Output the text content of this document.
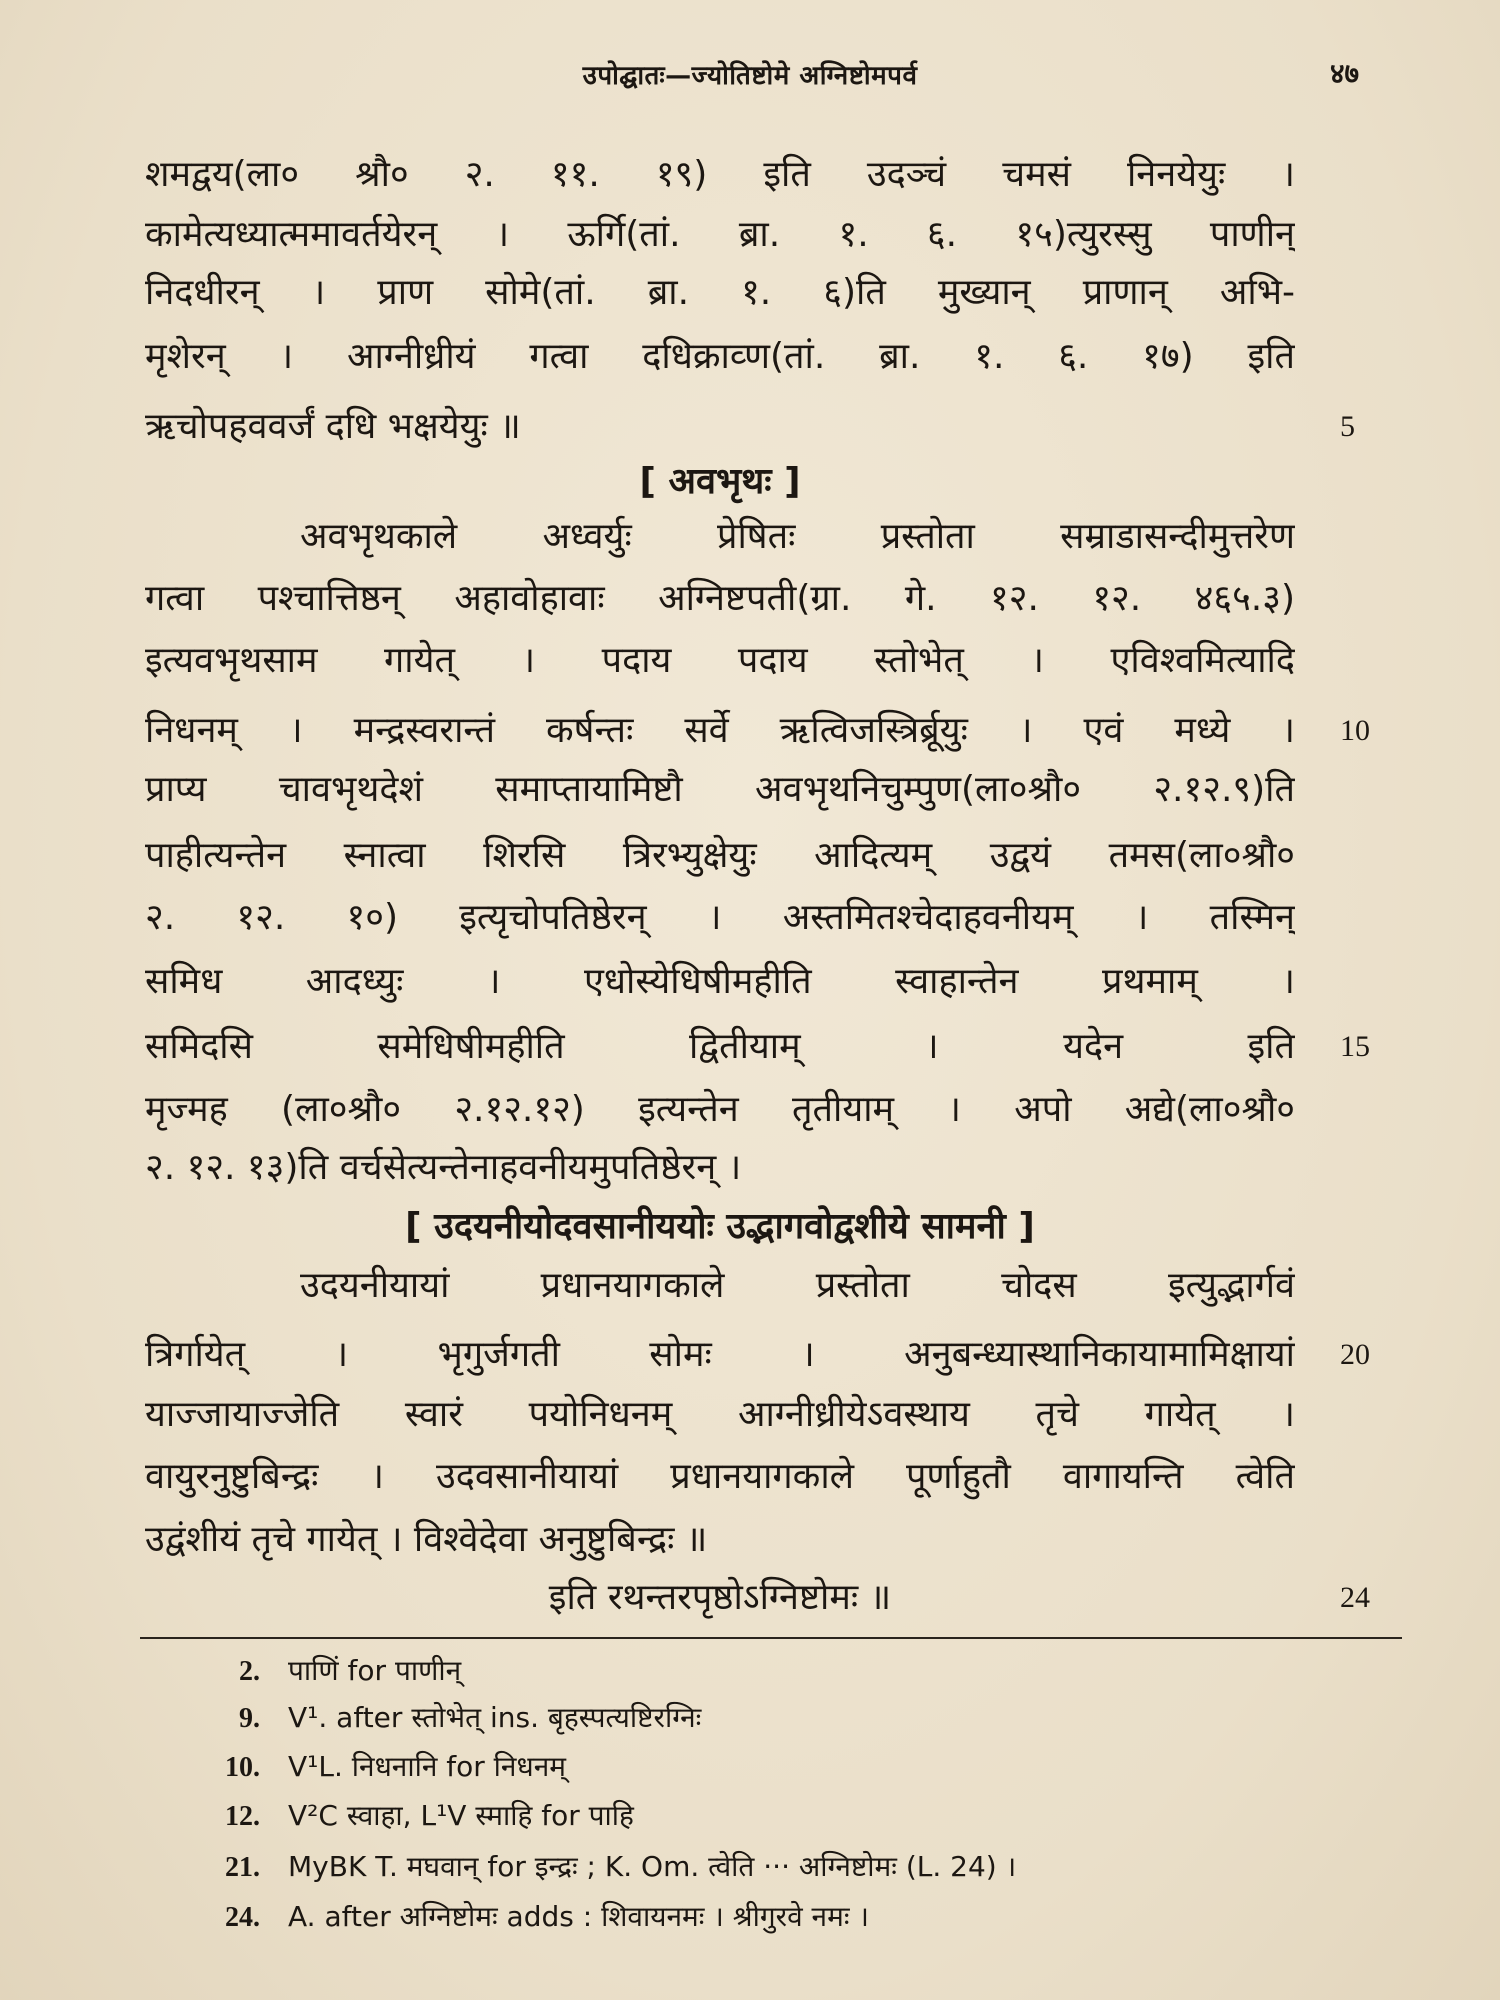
उपोद्घातः—ज्योतिष्टोमे अग्निष्टोमपर्व	४७
शमद्वय(ला० श्रौ० २. ११. १९) इति उदञ्चं चमसं निनयेयुः ।
कामेत्यध्यात्ममावर्तयेरन् । ऊर्गि(तां. ब्रा. १. ६. १५)त्युरस्सु पाणीन्
निदधीरन् । प्राण सोमे(तां. ब्रा. १. ६)ति मुख्यान् प्राणान् अभि-
मृशेरन् । आग्नीध्रीयं गत्वा दधिक्राव्ण(तां. ब्रा. १. ६. १७) इति
ऋचोपहववर्जं दधि भक्षयेयुः ॥
[ अवभृथः ]
अवभृथकाले अध्वर्युः प्रेषितः प्रस्तोता सम्राडासन्दीमुत्तरेण
गत्वा पश्चात्तिष्ठन् अहावोहावाः अग्निष्टपती(ग्रा. गे. १२. १२. ४६५.३)
इत्यवभृथसाम गायेत् । पदाय पदाय स्तोभेत् । एविश्वमित्यादि
निधनम् । मन्द्रस्वरान्तं कर्षन्तः सर्वे ऋत्विजस्त्रिर्ब्रूयुः । एवं मध्ये ।
प्राप्य चावभृथदेशं समाप्तायामिष्टौ अवभृथनिचुम्पुण(ला०श्रौ० २.१२.९)ति
पाहीत्यन्तेन स्नात्वा शिरसि त्रिरभ्युक्षेयुः आदित्यम् उद्वयं तमस(ला०श्रौ०
२. १२. १०) इत्यृचोपतिष्ठेरन् । अस्तमितश्चेदाहवनीयम् । तस्मिन्
समिध आदध्युः । एधोस्येधिषीमहीति स्वाहान्तेन प्रथमाम् ।
समिदसि समेधिषीमहीति द्वितीयाम् । यदेन इति
मृज्मह (ला०श्रौ० २.१२.१२) इत्यन्तेन तृतीयाम् । अपो अद्ये(ला०श्रौ०
२. १२. १३)ति वर्चसेत्यन्तेनाहवनीयमुपतिष्ठेरन् ।
[ उदयनीयोदवसानीययोः उद्भागवोद्वशीये सामनी ]
उदयनीयायां प्रधानयागकाले प्रस्तोता चोदस इत्युद्भार्गवं
त्रिर्गायेत् । भृगुर्जगती सोमः । अनुबन्ध्यास्थानिकायामामिक्षायां
याज्जायाज्जेति स्वारं पयोनिधनम् आग्नीध्रीयेऽवस्थाय तृचे गायेत् ।
वायुरनुष्टुबिन्द्रः । उदवसानीयायां प्रधानयागकाले पूर्णाहुतौ वागायन्ति त्वेति
उद्वंशीयं तृचे गायेत् । विश्वेदेवा अनुष्टुबिन्द्रः ॥
इति रथन्तरपृष्ठोऽग्निष्टोमः ॥
5
10
15
20
24
2. पाणिं for पाणीन्
9. V¹. after स्तोभेत् ins. बृहस्पत्यष्टिरग्निः
10. V¹L. निधनानि for निधनम्
12. V²C स्वाहा, L¹V स्माहि for पाहि
21. MyBK T. मघवान् for इन्द्रः ; K. Om. त्वेति ··· अग्निष्टोमः (L. 24) ।
24. A. after अग्निष्टोमः adds : शिवायनमः । श्रीगुरवे नमः ।
